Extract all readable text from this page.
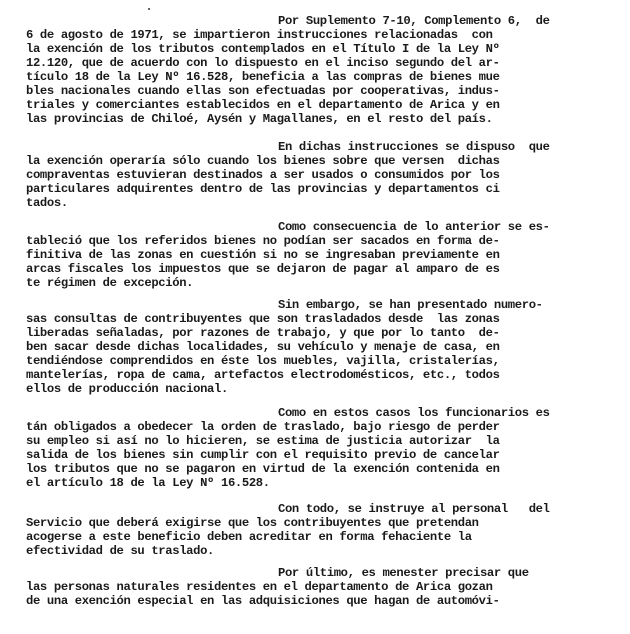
Por Suplemento 7-10, Complemento 6,  de
6 de agosto de 1971, se impartieron instrucciones relacionadas  con
la exención de los tributos contemplados en el Título I de la Ley Nº
12.120, que de acuerdo con lo dispuesto en el inciso segundo del ar-
tículo 18 de la Ley Nº 16.528, beneficia a las compras de bienes mue
bles nacionales cuando ellas son efectuadas por cooperativas, indus-
triales y comerciantes establecidos en el departamento de Arica y en
las provincias de Chiloé, Aysén y Magallanes, en el resto del país.
En dichas instrucciones se dispuso  que
la exención operaría sólo cuando los bienes sobre que versen  dichas
compraventas estuvieran destinados a ser usados o consumidos por los
particulares adquirentes dentro de las provincias y departamentos ci
tados.
Como consecuencia de lo anterior se es-
tableció que los referidos bienes no podían ser sacados en forma de-
finitiva de las zonas en cuestión si no se ingresaban previamente en
arcas fiscales los impuestos que se dejaron de pagar al amparo de es
te régimen de excepción.
Sin embargo, se han presentado numero-
sas consultas de contribuyentes que son trasladados desde  las zonas
liberadas señaladas, por razones de trabajo, y que por lo tanto  de-
ben sacar desde dichas localidades, su vehículo y menaje de casa, en
tendiéndose comprendidos en éste los muebles, vajilla, cristalerías,
mantelerías, ropa de cama, artefactos electrodomésticos, etc., todos
ellos de producción nacional.
Como en estos casos los funcionarios es
tán obligados a obedecer la orden de traslado, bajo riesgo de perder
su empleo si así no lo hicieren, se estima de justicia autorizar  la
salida de los bienes sin cumplir con el requisito previo de cancelar
los tributos que no se pagaron en virtud de la exención contenida en
el artículo 18 de la Ley Nº 16.528.
Con todo, se instruye al personal   del
Servicio que deberá exigirse que los contribuyentes que pretendan
acogerse a este beneficio deben acreditar en forma fehaciente la
efectividad de su traslado.
Por último, es menester precisar que
las personas naturales residentes en el departamento de Arica gozan
de una exención especial en las adquisiciones que hagan de automóvi-
